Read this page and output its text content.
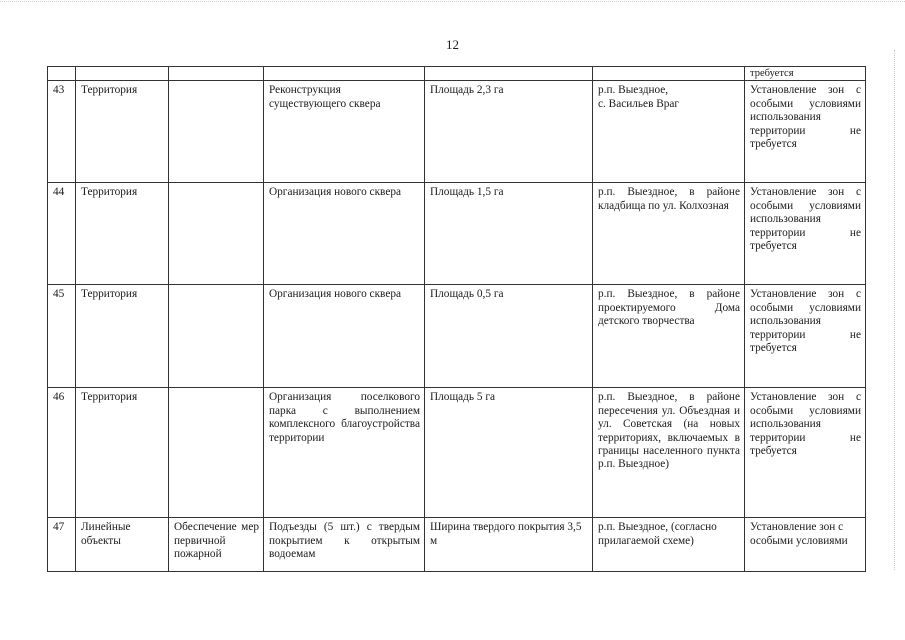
12
						требуется
43	Территория		Реконструкция существующего сквера	Площадь 2,3 га	р.п. Выездное,
с. Васильев Враг	Установление зон с особыми условиями использования территории не требуется
44	Территория		Организация нового сквера	Площадь 1,5 га	р.п. Выездное, в районе кладбища по ул. Колхозная	Установление зон с особыми условиями использования территории не требуется
45	Территория		Организация нового сквера	Площадь 0,5 га	р.п. Выездное, в районе проектируемого Дома детского творчества	Установление зон с особыми условиями использования территории не требуется
46	Территория		Организация поселкового парка с выполнением комплексного благоустройства территории	Площадь 5 га	р.п. Выездное, в районе пересечения ул. Объездная и ул. Советская (на новых территориях, включаемых в границы населенного пункта р.п. Выездное)	Установление зон с особыми условиями использования территории не требуется
47	Линейные объекты	Обеспечение мер первичной пожарной	Подъезды (5 шт.) с твердым покрытием к открытым водоемам	Ширина твердого покрытия 3,5 м	р.п. Выездное, (согласно прилагаемой схеме)	Установление зон с особыми условиями
